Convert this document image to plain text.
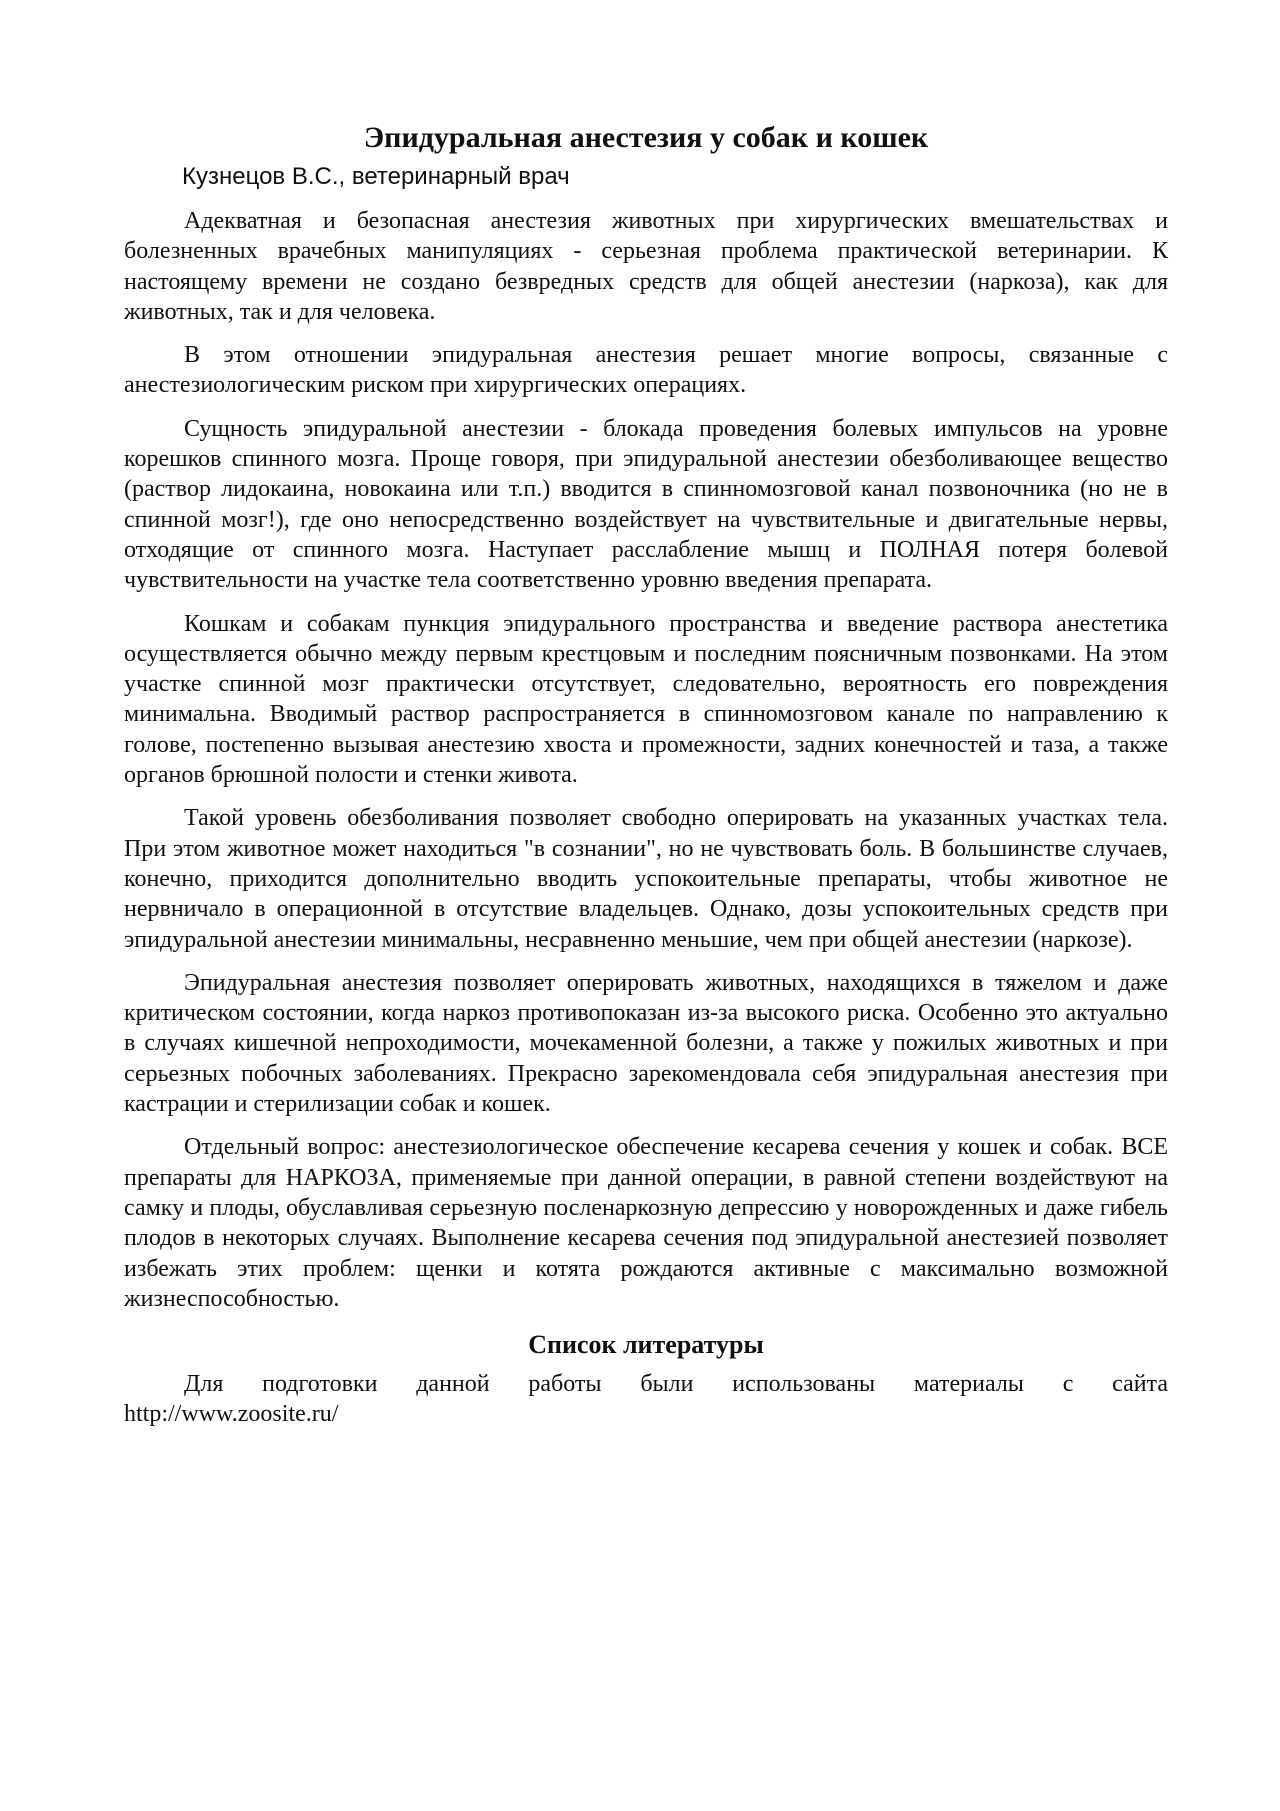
Эпидуральная анестезия у собак и кошек

Кузнецов В.С., ветеринарный врач

Адекватная и безопасная анестезия животных при хирургических вмешательствах и болезненных врачебных манипуляциях - серьезная проблема практической ветеринарии. К настоящему времени не создано безвредных средств для общей анестезии (наркоза), как для животных, так и для человека.

В этом отношении эпидуральная анестезия решает многие вопросы, связанные с анестезиологическим риском при хирургических операциях.

Сущность эпидуральной анестезии - блокада проведения болевых импульсов на уровне корешков спинного мозга. Проще говоря, при эпидуральной анестезии обезболивающее вещество (раствор лидокаина, новокаина или т.п.) вводится в спинномозговой канал позвоночника (но не в спинной мозг!), где оно непосредственно воздействует на чувствительные и двигательные нервы, отходящие от спинного мозга. Наступает расслабление мышц и ПОЛНАЯ потеря болевой чувствительности на участке тела соответственно уровню введения препарата.

Кошкам и собакам пункция эпидурального пространства и введение раствора анестетика осуществляется обычно между первым крестцовым и последним поясничным позвонками. На этом участке спинной мозг практически отсутствует, следовательно, вероятность его повреждения минимальна. Вводимый раствор распространяется в спинномозговом канале по направлению к голове, постепенно вызывая анестезию хвоста и промежности, задних конечностей и таза, а также органов брюшной полости и стенки живота.

Такой уровень обезболивания позволяет свободно оперировать на указанных участках тела. При этом животное может находиться "в сознании", но не чувствовать боль. В большинстве случаев, конечно, приходится дополнительно вводить успокоительные препараты, чтобы животное не нервничало в операционной в отсутствие владельцев. Однако, дозы успокоительных средств при эпидуральной анестезии минимальны, несравненно меньшие, чем при общей анестезии (наркозе).

Эпидуральная анестезия позволяет оперировать животных, находящихся в тяжелом и даже критическом состоянии, когда наркоз противопоказан из-за высокого риска. Особенно это актуально в случаях кишечной непроходимости, мочекаменной болезни, а также у пожилых животных и при серьезных побочных заболеваниях. Прекрасно зарекомендовала себя эпидуральная анестезия при кастрации и стерилизации собак и кошек.

Отдельный вопрос: анестезиологическое обеспечение кесарева сечения у кошек и собак. ВСЕ препараты для НАРКОЗА, применяемые при данной операции, в равной степени воздействуют на самку и плоды, обуславливая серьезную посленаркозную депрессию у новорожденных и даже гибель плодов в некоторых случаях. Выполнение кесарева сечения под эпидуральной анестезией позволяет избежать этих проблем: щенки и котята рождаются активные с максимально возможной жизнеспособностью.

Список литературы

Для подготовки данной работы были использованы материалы с сайта

http://www.zoosite.ru/
